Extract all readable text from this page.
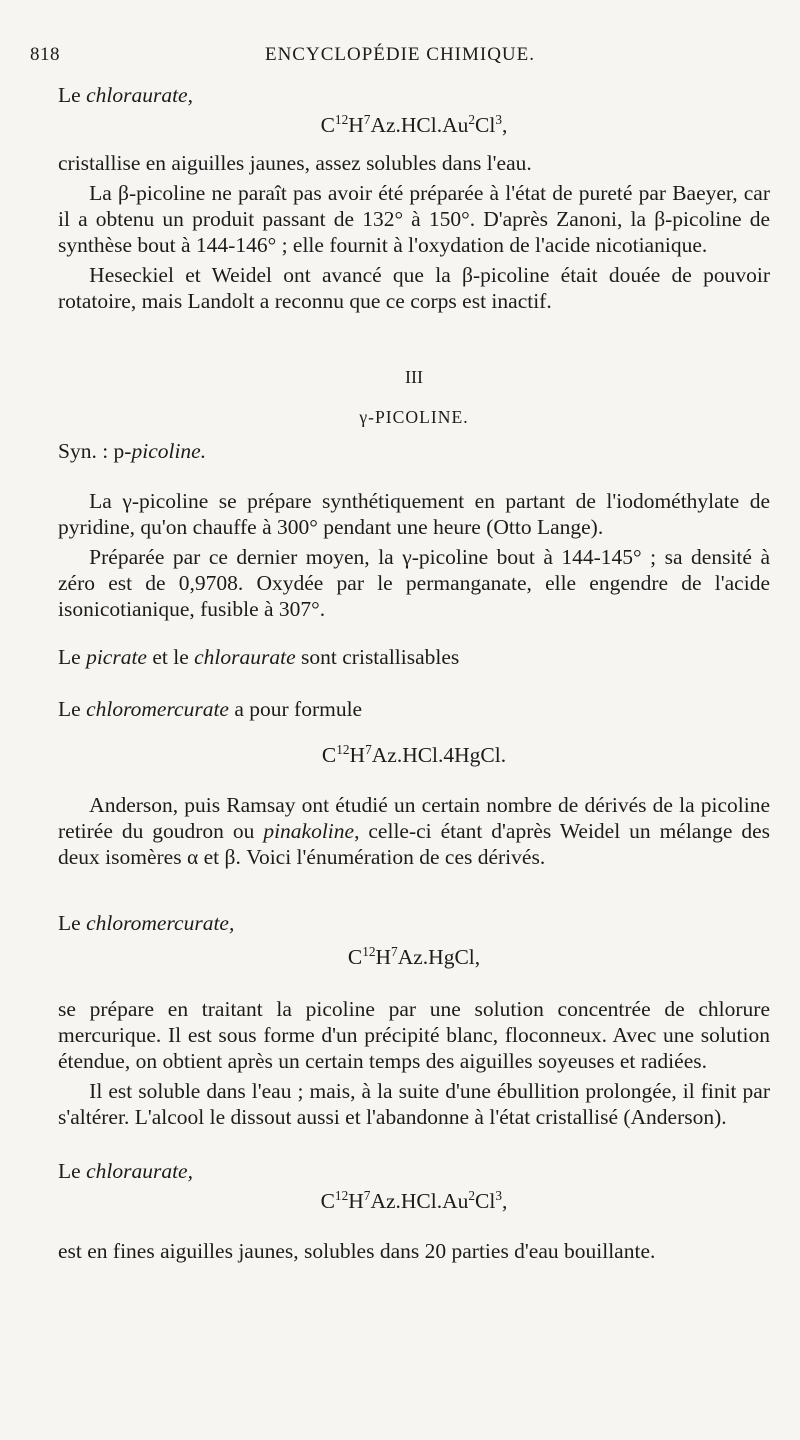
818	ENCYCLOPÉDIE CHIMIQUE.

Le chloraurate,

$C^{12}H^7Az.HCl.Au^2Cl^3$,

cristallise en aiguilles jaunes, assez solubles dans l'eau.

La β-picoline ne paraît pas avoir été préparée à l'état de pureté par Baeyer, car il a obtenu un produit passant de 132° à 150°. D'après Zanoni, la β-picoline de synthèse bout à 144-146° ; elle fournit à l'oxydation de l'acide nicotianique.

Heseckiel et Weidel ont avancé que la β-picoline était douée de pouvoir rotatoire, mais Landolt a reconnu que ce corps est inactif.

III

γ-PICOLINE.

Syn. : p-picoline.

La γ-picoline se prépare synthétiquement en partant de l'iodométhylate de pyridine, qu'on chauffe à 300° pendant une heure (Otto Lange).

Préparée par ce dernier moyen, la γ-picoline bout à 144-145° ; sa densité à zéro est de 0,9708. Oxydée par le permanganate, elle engendre de l'acide isonicotianique, fusible à 307°.

Le picrate et le chloraurate sont cristallisables

Le chloromercurate a pour formule

$C^{12}H^7Az.HCl.4HgCl$.

Anderson, puis Ramsay ont étudié un certain nombre de dérivés de la picoline retirée du goudron ou pinakoline, celle-ci étant d'après Weidel un mélange des deux isomères α et β. Voici l'énumération de ces dérivés.

Le chloromercurate,

$C^{12}H^7Az.HgCl$,

se prépare en traitant la picoline par une solution concentrée de chlorure mercurique. Il est sous forme d'un précipité blanc, floconneux. Avec une solution étendue, on obtient après un certain temps des aiguilles soyeuses et radiées.

Il est soluble dans l'eau ; mais, à la suite d'une ébullition prolongée, il finit par s'altérer. L'alcool le dissout aussi et l'abandonne à l'état cristallisé (Anderson).

Le chloraurate,

$C^{12}H^7Az.HCl.Au^2Cl^3$,

est en fines aiguilles jaunes, solubles dans 20 parties d'eau bouillante.
